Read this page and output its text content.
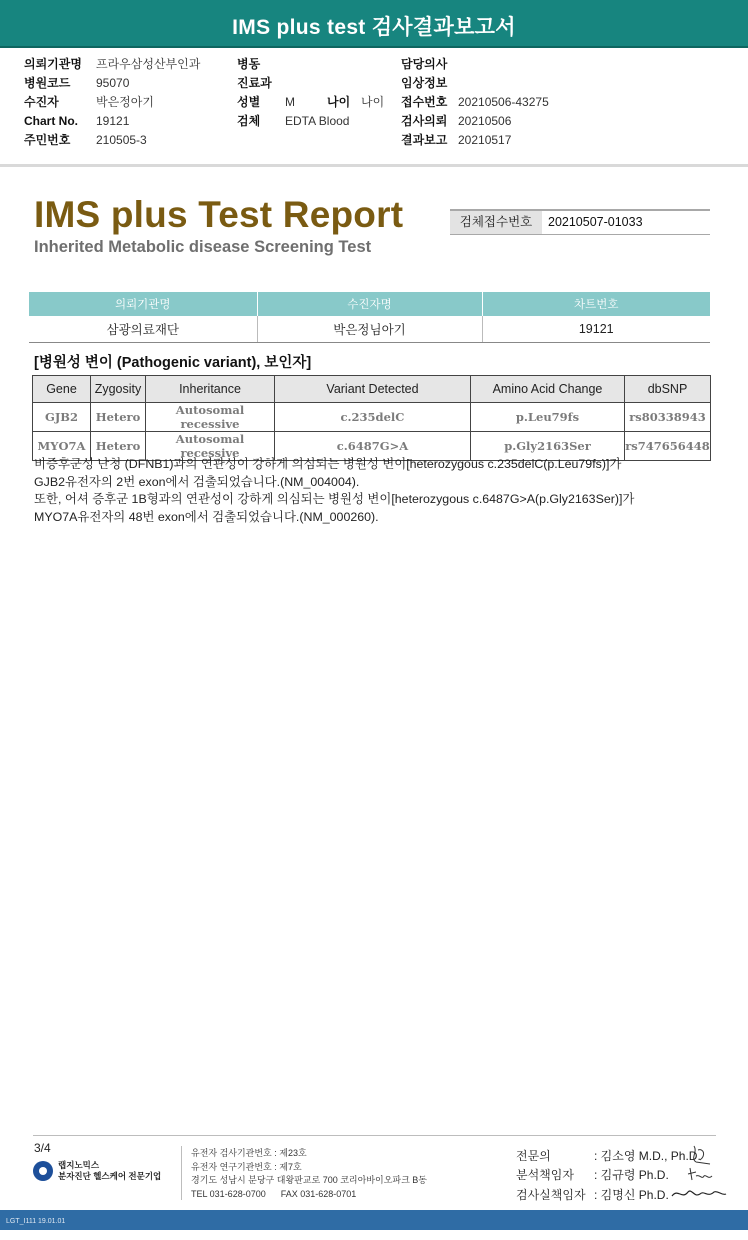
IMS plus test 검사결과보고서
의뢰기관명 프라우삼성산부인과
병원코드 95070
수진자	박은정아기
Chart No. 19121
주민번호 210505-3
병동
진료과
성별 M	나이 나이
검체 EDTA Blood
담당의사
임상정보
접수번호 20210506-43275
검사의뢰 20210506
결과보고 20210517
IMS plus Test Report
Inherited Metabolic disease Screening Test
검체접수번호	20210507-01033
의뢰기관명	수진자명	차트번호
삼광의료재단	박은정님아기	19121
[병원성 변이 (Pathogenic variant), 보인자]
Gene	Zygosity	Inheritance	Variant Detected	Amino Acid Change	dbSNP
GJB2	Hetero	Autosomal recessive	c.235delC	p.Leu79fs	rs80338943
MYO7A	Hetero	Autosomal recessive	c.6487G>A	p.Gly2163Ser	rs747656448
비증후군성 난청 (DFNB1)과의 연관성이 강하게 의심되는 병원성 변이[heterozygous c.235delC(p.Leu79fs)]가
GJB2유전자의 2번 exon에서 검출되었습니다.(NM_004004).
또한, 어셔 증후군 1B형과의 연관성이 강하게 의심되는 병원성 변이[heterozygous c.6487G>A(p.Gly2163Ser)]가
MYO7A유전자의 48번 exon에서 검출되었습니다.(NM_000260).
3/4
랩지노믹스
분자진단 헬스케어 전문기업
유전자 검사기관번호 : 제23호
유전자 연구기관번호 : 제7호
경기도 성남시 분당구 대왕판교로 700 코리아바이오파크 B동
TEL 031-628-0700      FAX 031-628-0701
전문의	: 김소영 M.D., Ph.D.
분석책임자 : 김규령 Ph.D.
검사실책임자 : 김명신 Ph.D.
LGT_I111 19.01.01
